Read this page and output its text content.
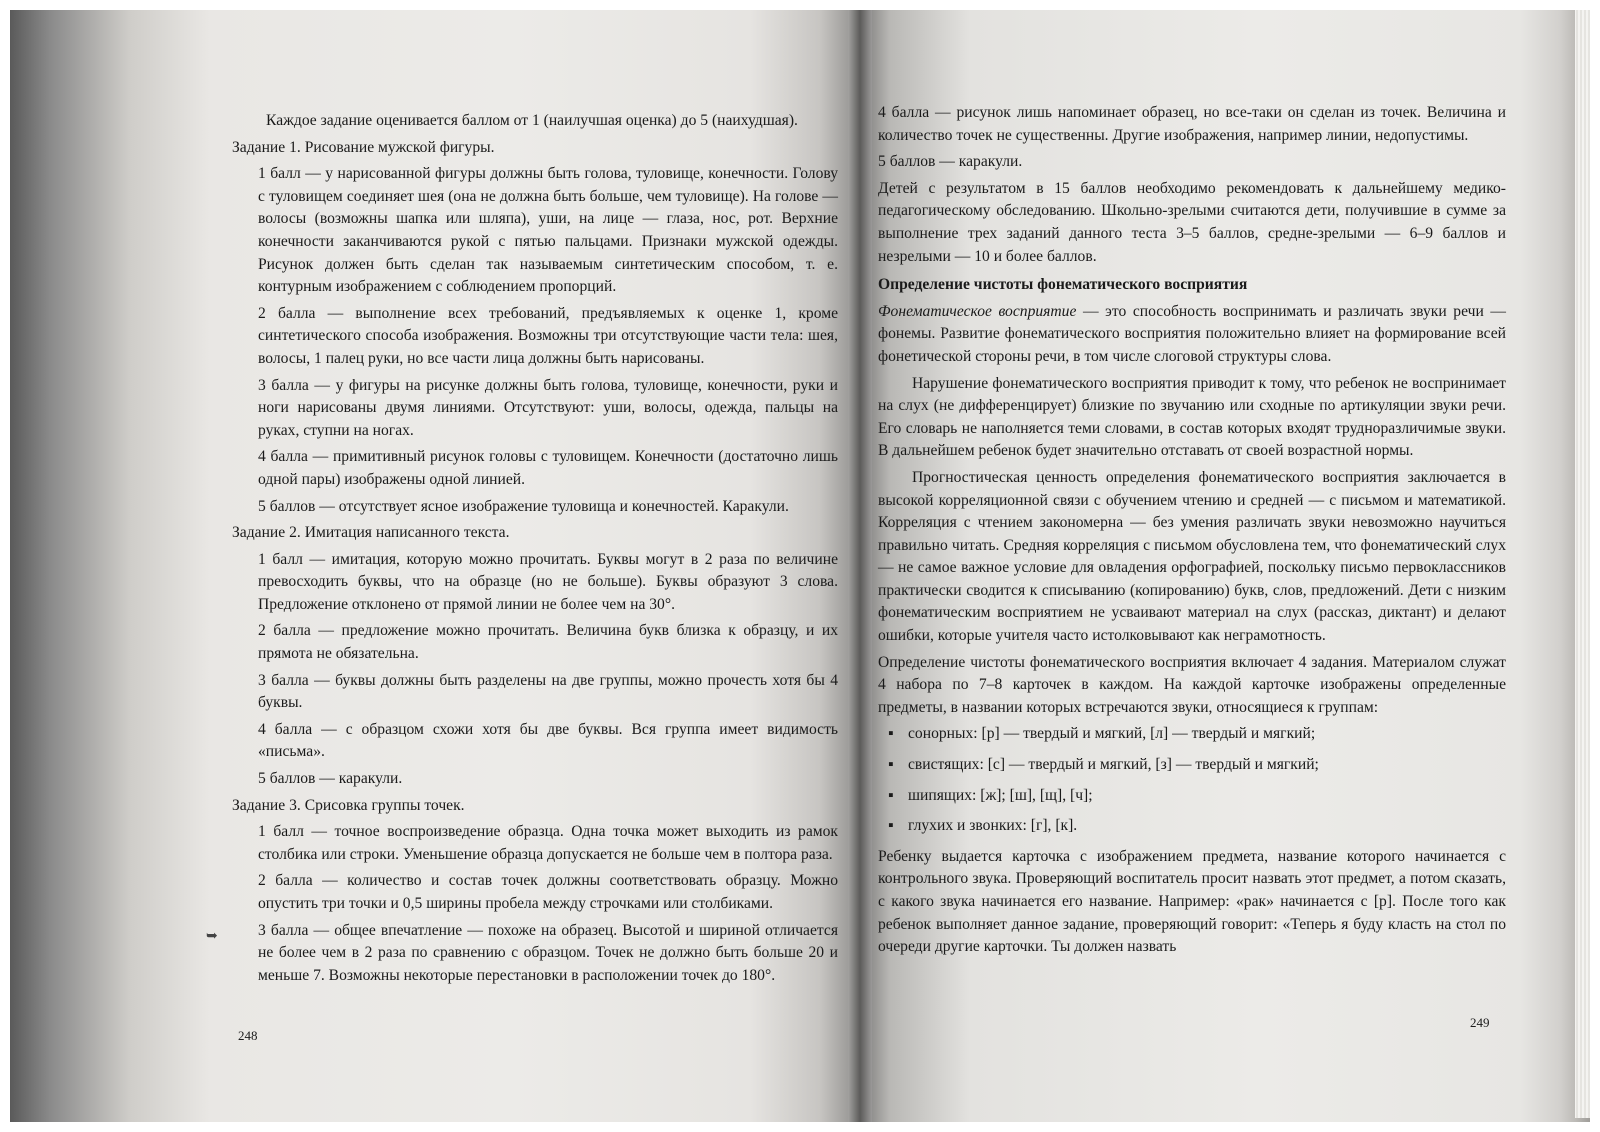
Каждое задание оценивается баллом от 1 (наилучшая оценка) до 5 (наихудшая).

Задание 1. Рисование мужской фигуры.

1 балл — у нарисованной фигуры должны быть голова, туловище, конечности. Голову с туловищем соединяет шея (она не должна быть больше, чем туловище). На голове — волосы (возможны шапка или шляпа), уши, на лице — глаза, нос, рот. Верхние конечности заканчиваются рукой с пятью пальцами. Признаки мужской одежды. Рисунок должен быть сделан так называемым синтетическим способом, т. е. контурным изображением с соблюдением пропорций.

2 балла — выполнение всех требований, предъявляемых к оценке 1, кроме синтетического способа изображения. Возможны три отсутствующие части тела: шея, волосы, 1 палец руки, но все части лица должны быть нарисованы.

3 балла — у фигуры на рисунке должны быть голова, туловище, конечности, руки и ноги нарисованы двумя линиями. Отсутствуют: уши, волосы, одежда, пальцы на руках, ступни на ногах.

4 балла — примитивный рисунок головы с туловищем. Конечности (достаточно лишь одной пары) изображены одной линией.

5 баллов — отсутствует ясное изображение туловища и конечностей. Каракули.

Задание 2. Имитация написанного текста.

1 балл — имитация, которую можно прочитать. Буквы могут в 2 раза по величине превосходить буквы, что на образце (но не больше). Буквы образуют 3 слова. Предложение отклонено от прямой линии не более чем на 30°.

2 балла — предложение можно прочитать. Величина букв близка к образцу, и их прямота не обязательна.

3 балла — буквы должны быть разделены на две группы, можно прочесть хотя бы 4 буквы.

4 балла — с образцом схожи хотя бы две буквы. Вся группа имеет видимость «письма».

5 баллов — каракули.

Задание 3. Срисовка группы точек.

1 балл — точное воспроизведение образца. Одна точка может выходить из рамок столбика или строки. Уменьшение образца допускается не больше чем в полтора раза.

2 балла — количество и состав точек должны соответствовать образцу. Можно опустить три точки и 0,5 ширины пробела между строчками или столбиками.

3 балла — общее впечатление — похоже на образец. Высотой и шириной отличается не более чем в 2 раза по сравнению с образцом. Точек не должно быть больше 20 и меньше 7. Возможны некоторые перестановки в расположении точек до 180°.

248

4 балла — рисунок лишь напоминает образец, но все-таки он сделан из точек. Величина и количество точек не существенны. Другие изображения, например линии, недопустимы.

5 баллов — каракули.

Детей с результатом в 15 баллов необходимо рекомендовать к дальнейшему медико-педагогическому обследованию. Школьно-зрелыми считаются дети, получившие в сумме за выполнение трех заданий данного теста 3–5 баллов, средне-зрелыми — 6–9 баллов и незрелыми — 10 и более баллов.

Определение чистоты фонематического восприятия

Фонематическое восприятие — это способность воспринимать и различать звуки речи — фонемы. Развитие фонематического восприятия положительно влияет на формирование всей фонетической стороны речи, в том числе слоговой структуры слова.

Нарушение фонематического восприятия приводит к тому, что ребенок не воспринимает на слух (не дифференцирует) близкие по звучанию или сходные по артикуляции звуки речи. Его словарь не наполняется теми словами, в состав которых входят трудноразличимые звуки. В дальнейшем ребенок будет значительно отставать от своей возрастной нормы.

Прогностическая ценность определения фонематического восприятия заключается в высокой корреляционной связи с обучением чтению и средней — с письмом и математикой. Корреляция с чтением закономерна — без умения различать звуки невозможно научиться правильно читать. Средняя корреляция с письмом обусловлена тем, что фонематический слух — не самое важное условие для овладения орфографией, поскольку письмо первоклассников практически сводится к списыванию (копированию) букв, слов, предложений. Дети с низким фонематическим восприятием не усваивают материал на слух (рассказ, диктант) и делают ошибки, которые учителя часто истолковывают как неграмотность.

Определение чистоты фонематического восприятия включает 4 задания. Материалом служат 4 набора по 7–8 карточек в каждом. На каждой карточке изображены определенные предметы, в названии которых встречаются звуки, относящиеся к группам:

▪ сонорных: [р] — твердый и мягкий, [л] — твердый и мягкий;
▪ свистящих: [с] — твердый и мягкий, [з] — твердый и мягкий;
▪ шипящих: [ж]; [ш], [щ], [ч];
▪ глухих и звонких: [г], [к].

Ребенку выдается карточка с изображением предмета, название которого начинается с контрольного звука. Проверяющий воспитатель просит назвать этот предмет, а потом сказать, с какого звука начинается его название. Например: «рак» начинается с [р]. После того как ребенок выполняет данное задание, проверяющий говорит: «Теперь я буду класть на стол по очереди другие карточки. Ты должен назвать

249
➥
